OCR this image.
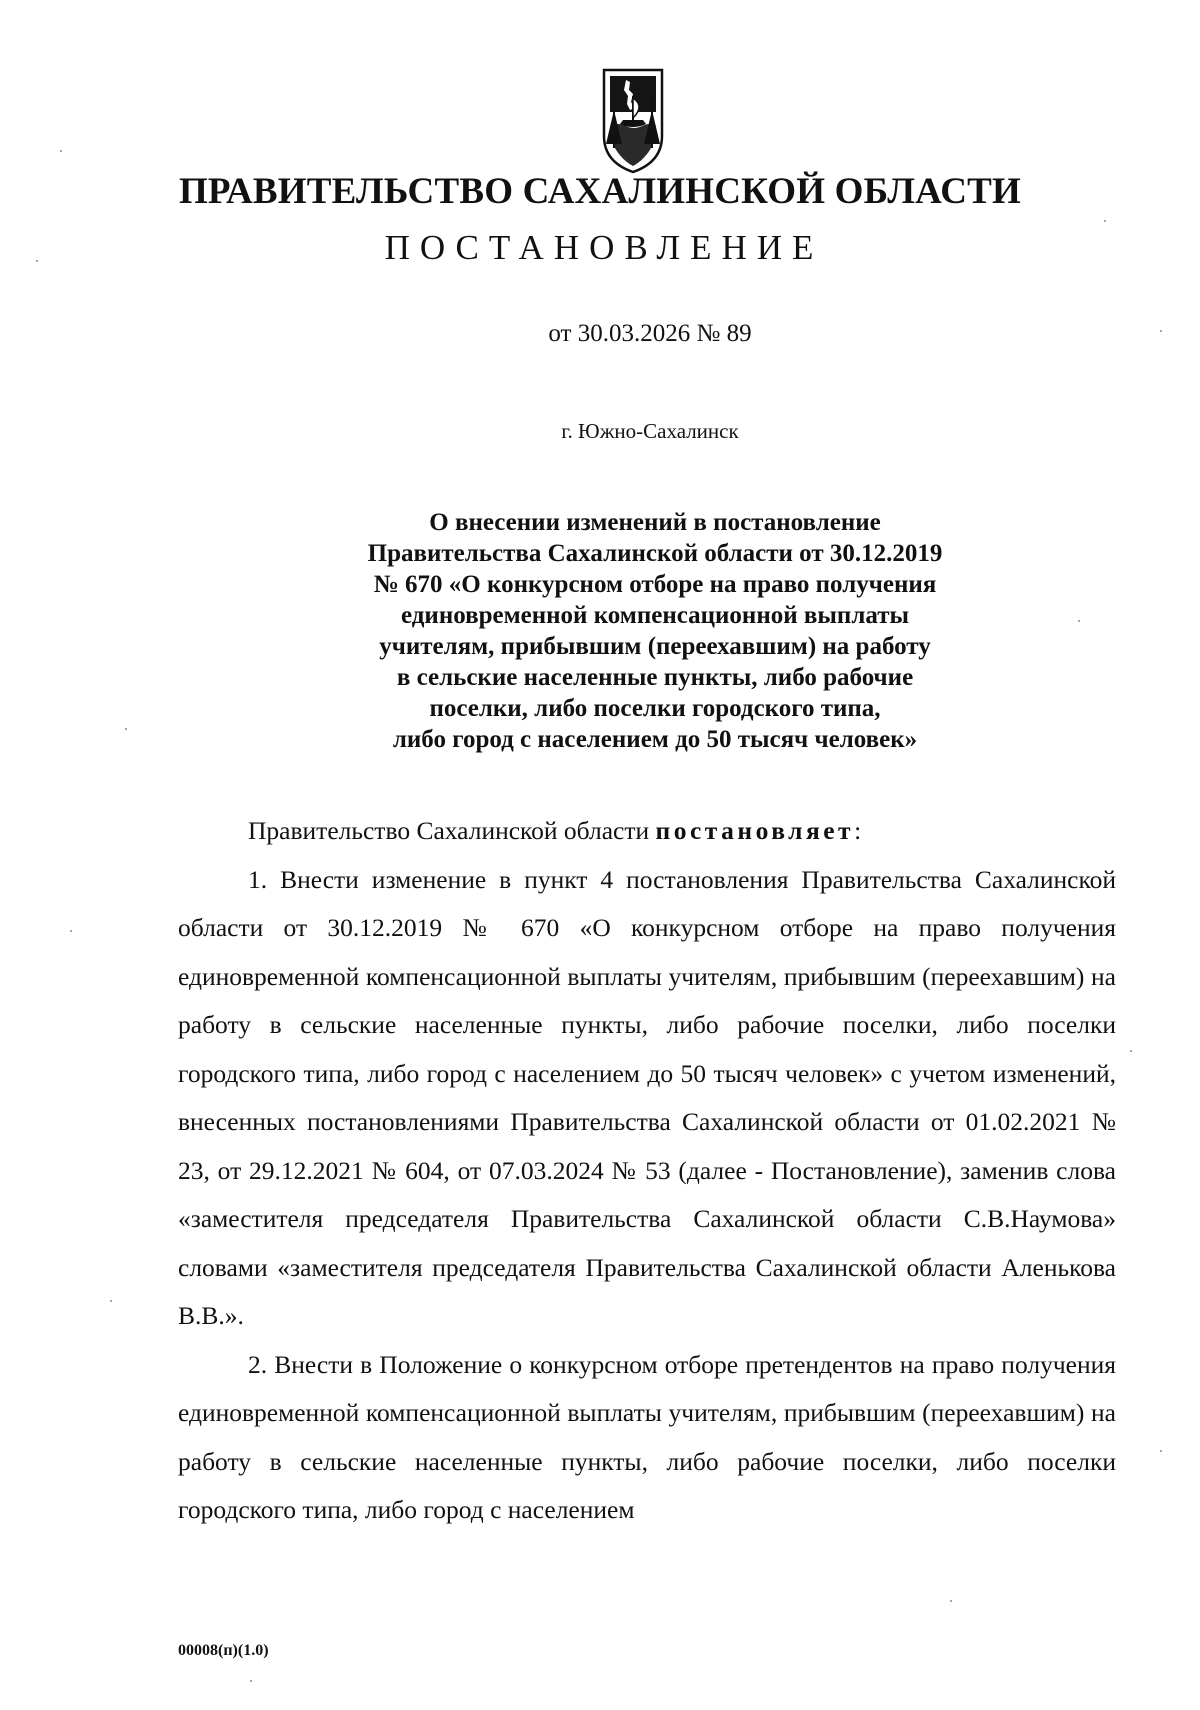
ПРАВИТЕЛЬСТВО САХАЛИНСКОЙ ОБЛАСТИ
ПОСТАНОВЛЕНИЕ
от 30.03.2026 № 89
г. Южно-Сахалинск
О внесении изменений в постановление
Правительства Сахалинской области от 30.12.2019
№ 670 «О конкурсном отборе на право получения
единовременной компенсационной выплаты
учителям, прибывшим (переехавшим) на работу
в сельские населенные пункты, либо рабочие
поселки, либо поселки городского типа,
либо город с населением до 50 тысяч человек»
Правительство Сахалинской области постановляет:

1. Внести изменение в пункт 4 постановления Правительства Сахалинской области от 30.12.2019 № 670 «О конкурсном отборе на право получения единовременной компенсационной выплаты учителям, прибывшим (переехавшим) на работу в сельские населенные пункты, либо рабочие поселки, либо поселки городского типа, либо город с населением до 50 тысяч человек» с учетом изменений, внесенных постановлениями Правительства Сахалинской области от 01.02.2021 № 23, от 29.12.2021 № 604, от 07.03.2024 № 53 (далее - Постановление), заменив слова «заместителя председателя Правительства Сахалинской области С.В.Наумова» словами «заместителя председателя Правительства Сахалинской области Аленькова В.В.».

2. Внести в Положение о конкурсном отборе претендентов на право получения единовременной компенсационной выплаты учителям, прибывшим (переехавшим) на работу в сельские населенные пункты, либо рабочие поселки, либо поселки городского типа, либо город с населением

00008(п)(1.0)
